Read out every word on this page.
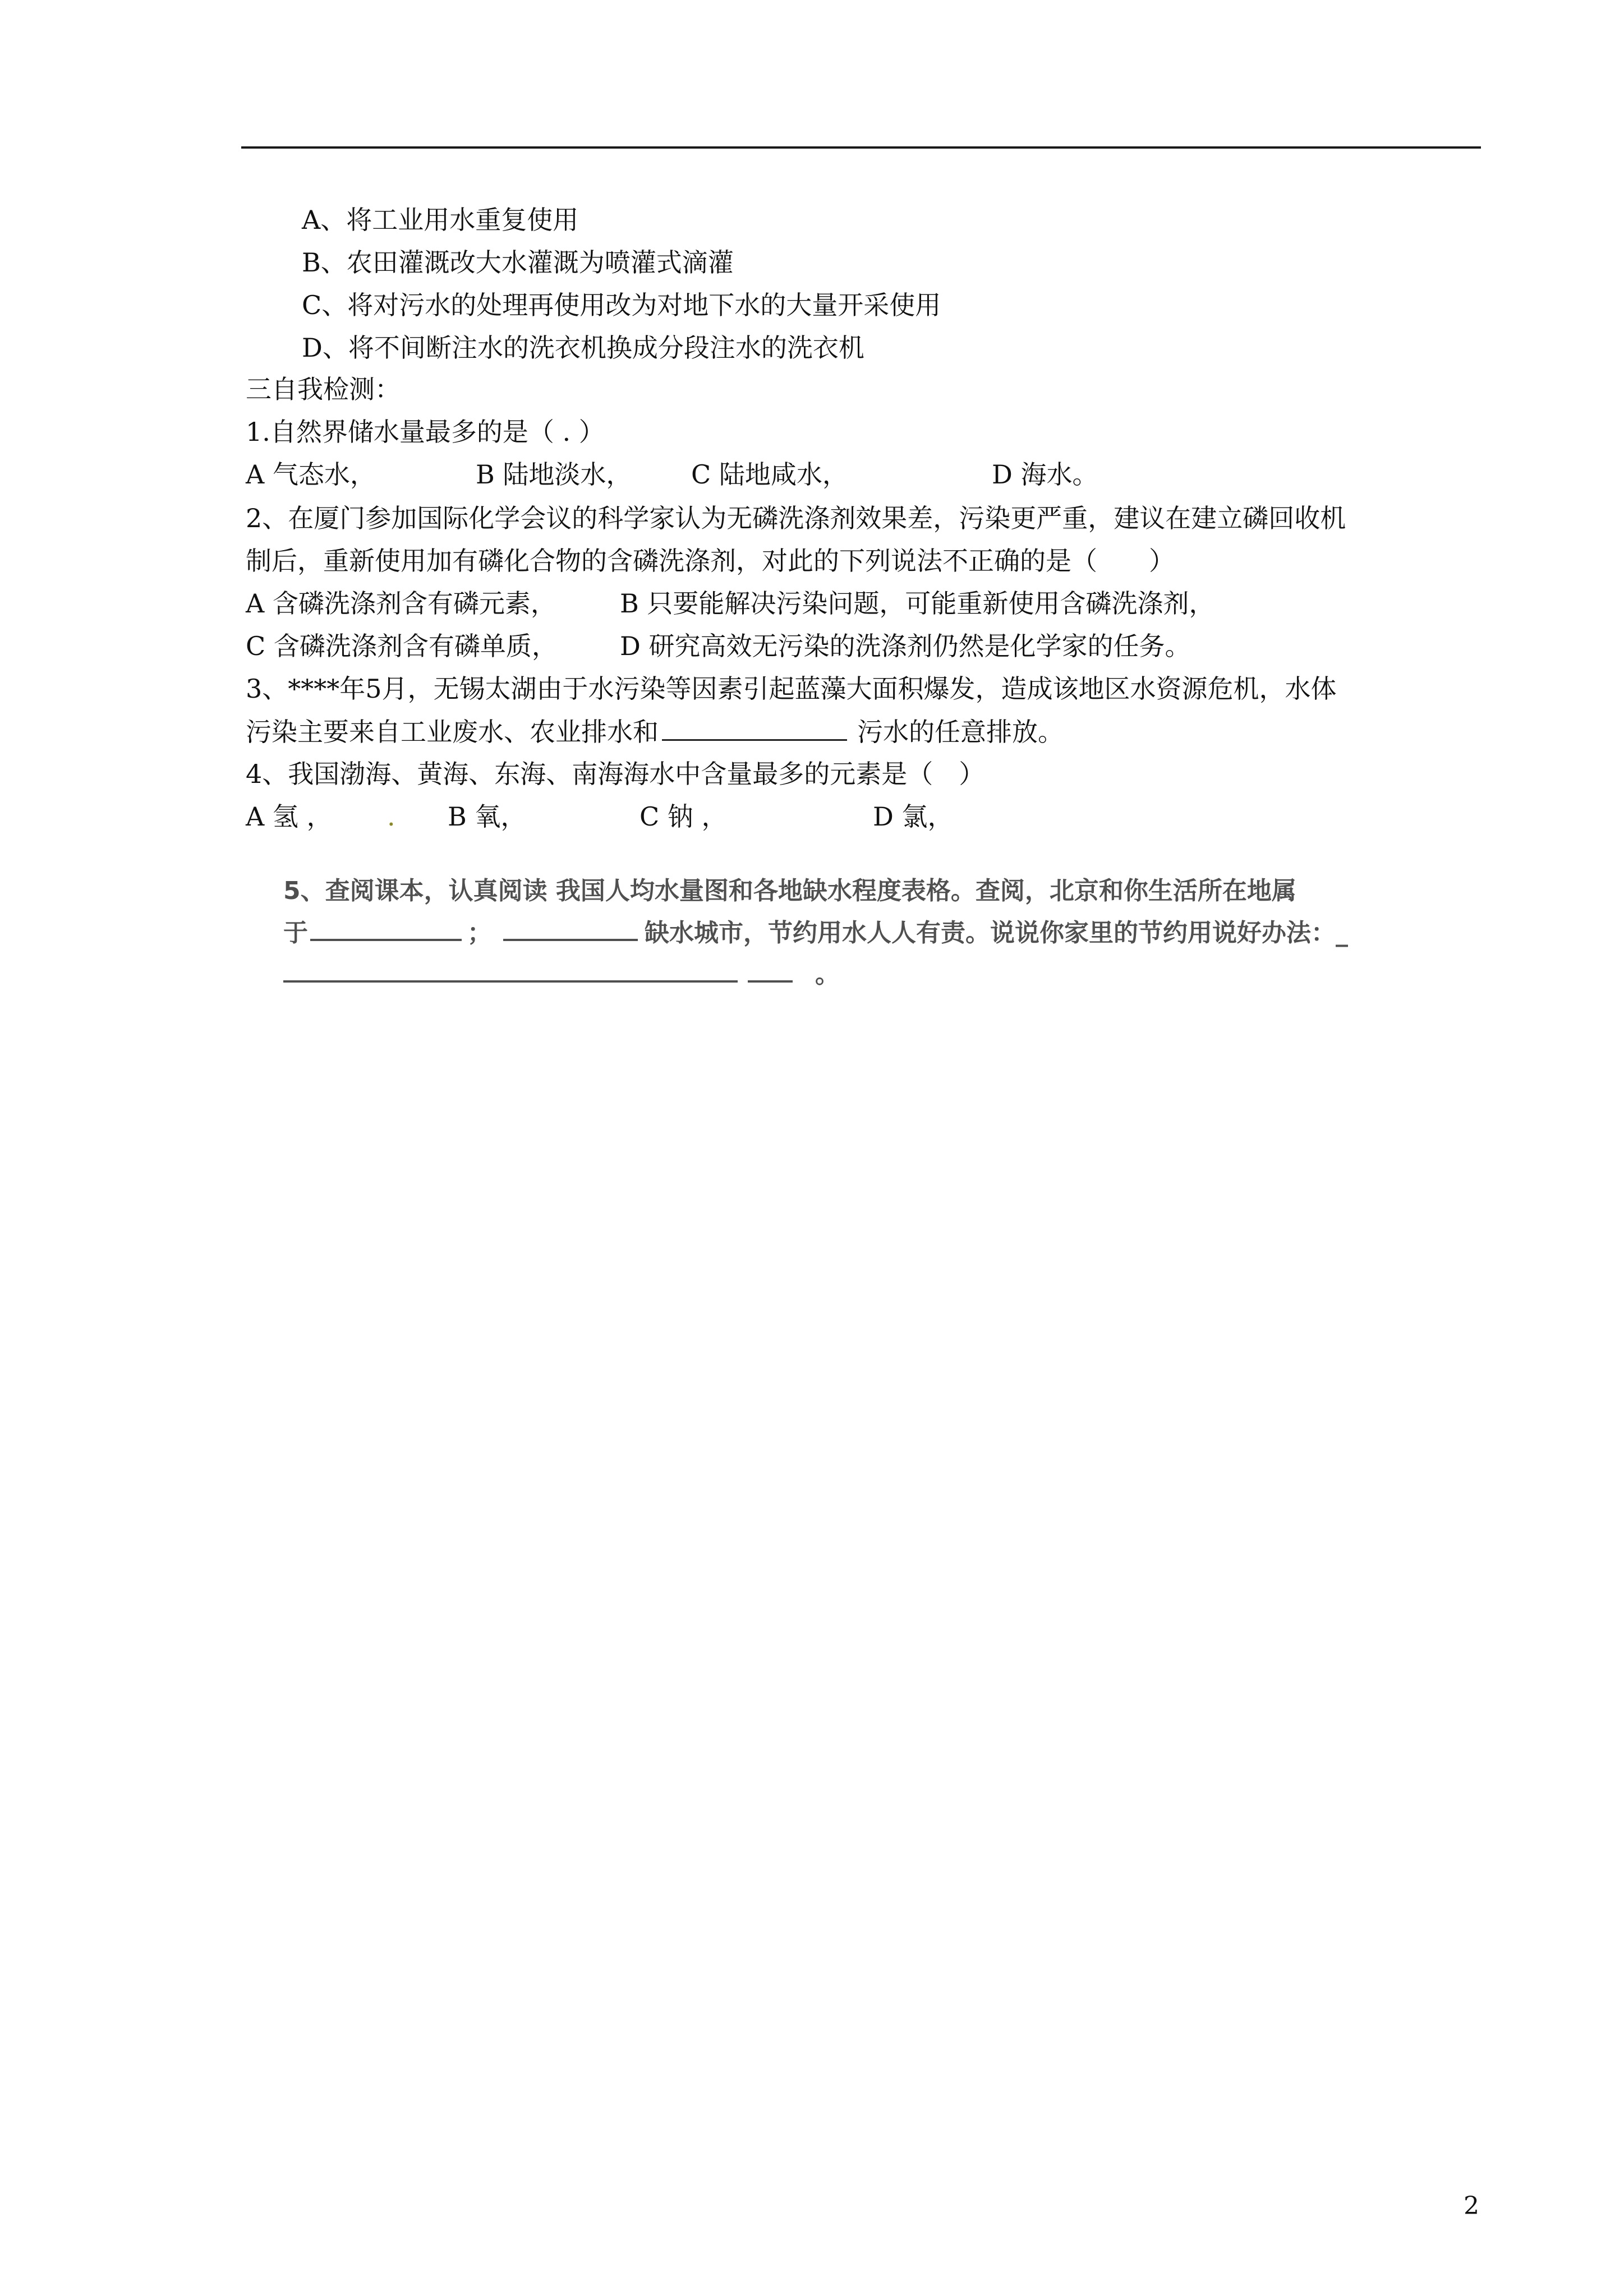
A、将工业用水重复使用
B、农田灌溉改大水灌溉为喷灌式滴灌
C、将对污水的处理再使用改为对地下水的大量开采使用
D、将不间断注水的洗衣机换成分段注水的洗衣机
三自我检测：
1.自然界储水量最多的是（ . ）
A 气态水，	B 陆地淡水， C 陆地咸水，	D 海水。
2、在厦门参加国际化学会议的科学家认为无磷洗涤剂效果差，污染更严重，建议在建立磷回收机
制后，重新使用加有磷化合物的含磷洗涤剂，对此的下列说法不正确的是（　　）
A 含磷洗涤剂含有磷元素， B 只要能解决污染问题，可能重新使用含磷洗涤剂，
C 含磷洗涤剂含有磷单质， D 研究高效无污染的洗涤剂仍然是化学家的任务。
3、****年5月，无锡太湖由于水污染等因素引起蓝藻大面积爆发，造成该地区水资源危机，水体
污染主要来自工业废水、农业排水和	污水的任意排放。
4、我国渤海、黄海、东海、南海海水中含量最多的元素是（　）
A 氢 ， . B 氧，	C 钠 ，	D 氯，
5、查阅课本，认真阅读 我国人均水量图和各地缺水程度表格。查阅，北京和你生活所在地属
于	；	缺水城市，节约用水人人有责。说说你家里的节约用说好办法：_
。
2
